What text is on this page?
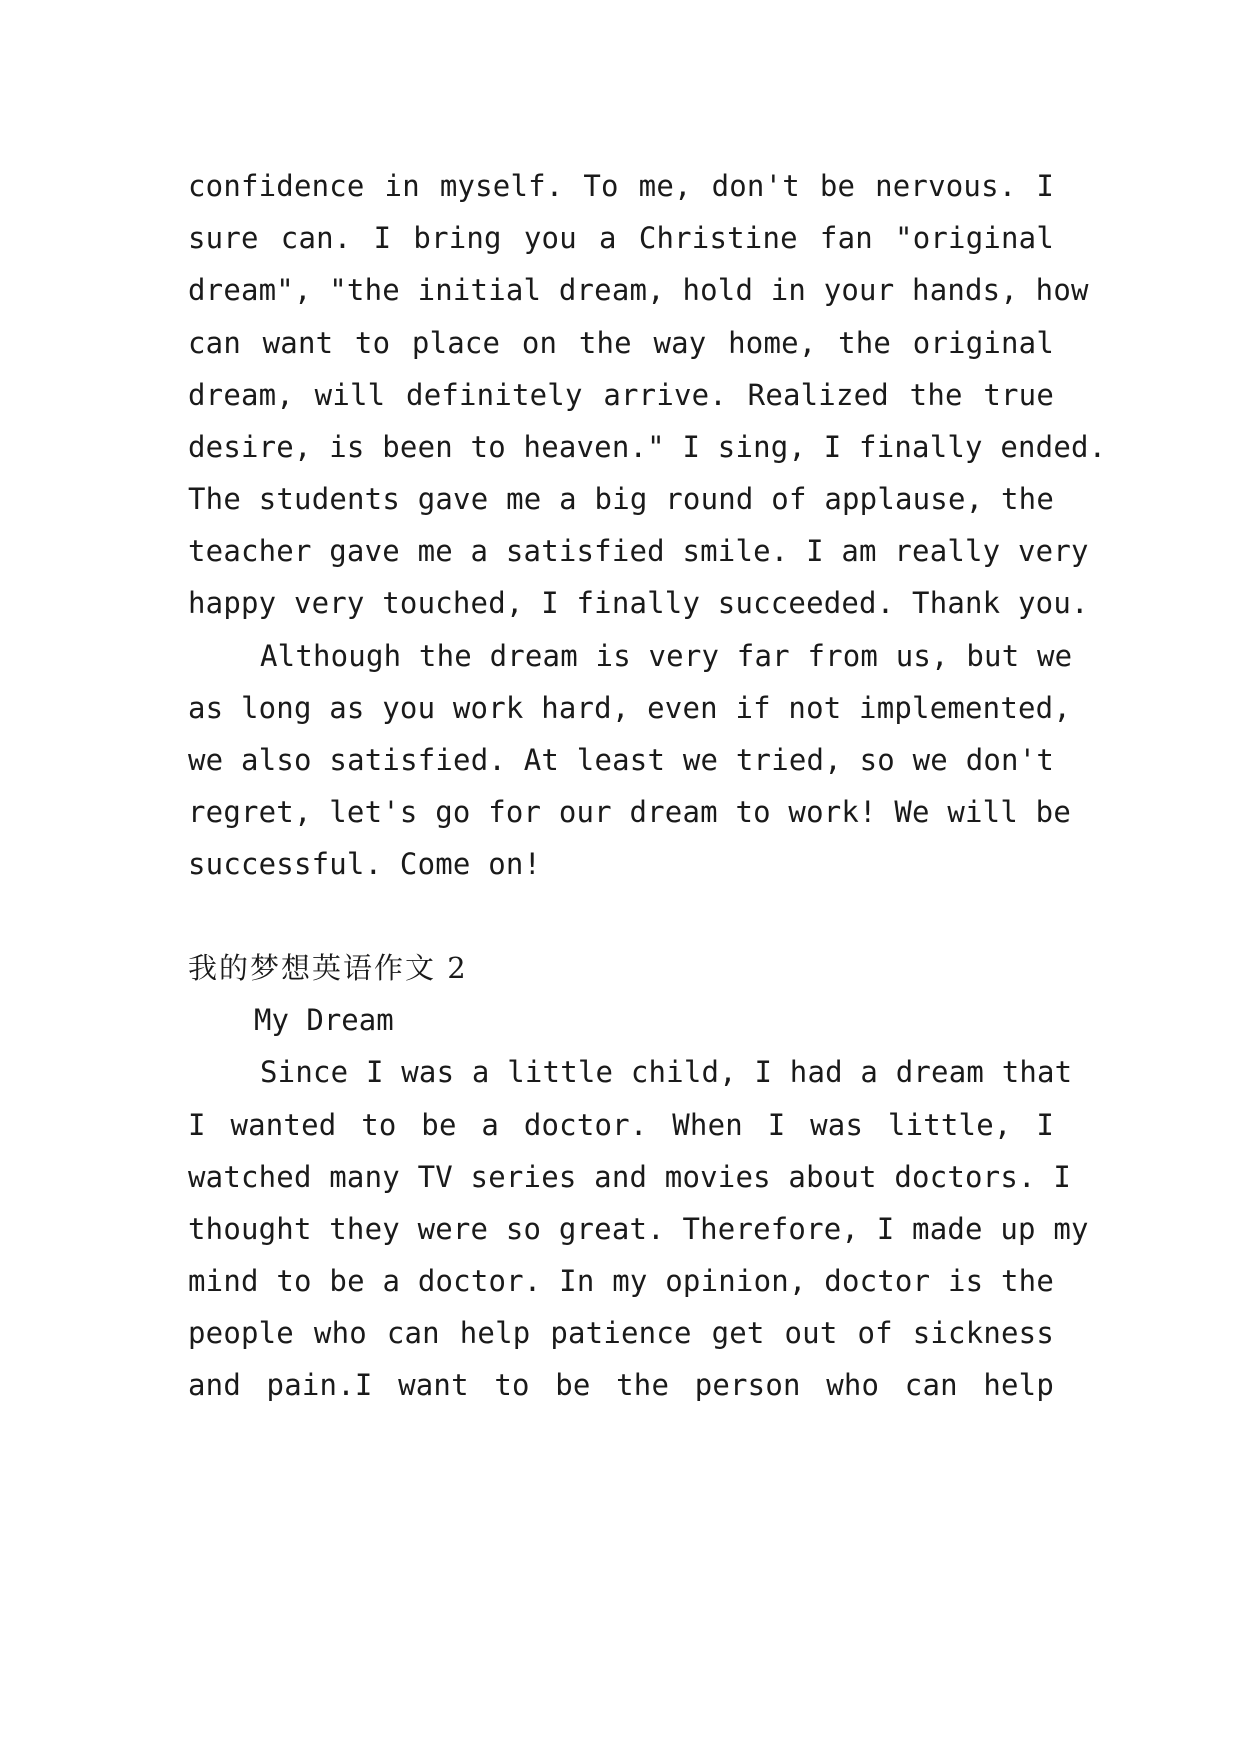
confidence in myself. To me, don't be nervous. I
sure can. I bring you a Christine fan "original
dream", "the initial dream, hold in your hands, how
can want to place on the way home, the original
dream, will definitely arrive. Realized the true
desire, is been to heaven." I sing, I finally ended.
The students gave me a big round of applause, the
teacher gave me a satisfied smile. I am really very
happy very touched, I finally succeeded. Thank you.
Although the dream is very far from us, but we
as long as you work hard, even if not implemented,
we also satisfied. At least we tried, so we don't
regret, let's go for our dream to work! We will be
successful. Come on!
我的梦想英语作文 2
My Dream
Since I was a little child, I had a dream that
I wanted to be a doctor. When I was little, I
watched many TV series and movies about doctors. I
thought they were so great. Therefore, I made up my
mind to be a doctor. In my opinion, doctor is the
people who can help patience get out of sickness
and pain.I want to be the person who can help
